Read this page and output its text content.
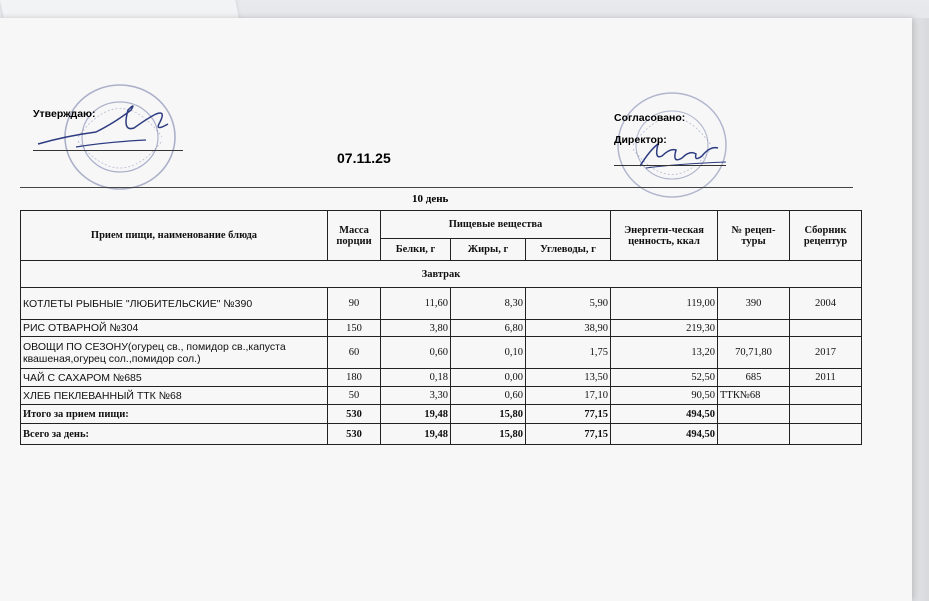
Утверждаю:	Согласовано:
Директор:
07.11.25
10 день
Прием пищи, наименование блюда	Масса порции	Пищевые вещества			Энергети-ческая ценность, ккал	№ рецеп-туры	Сборник рецептур
		Белки, г	Жиры, г	Углеводы, г			
Завтрак							
КОТЛЕТЫ РЫБНЫЕ "ЛЮБИТЕЛЬСКИЕ" №390	90	11,60	8,30	5,90	119,00	390	2004
РИС ОТВАРНОЙ №304	150	3,80	6,80	38,90	219,30		
ОВОЩИ ПО СЕЗОНУ(огурец св., помидор св.,капуста квашеная,огурец сол.,помидор сол.)	60	0,60	0,10	1,75	13,20	70,71,80	2017
ЧАЙ С САХАРОМ №685	180	0,18	0,00	13,50	52,50	685	2011
ХЛЕБ ПЕКЛЕВАННЫЙ ТТК №68	50	3,30	0,60	17,10	90,50	ТТК№68	
Итого за прием пищи:	530	19,48	15,80	77,15	494,50		
Всего за день:	530	19,48	15,80	77,15	494,50		
